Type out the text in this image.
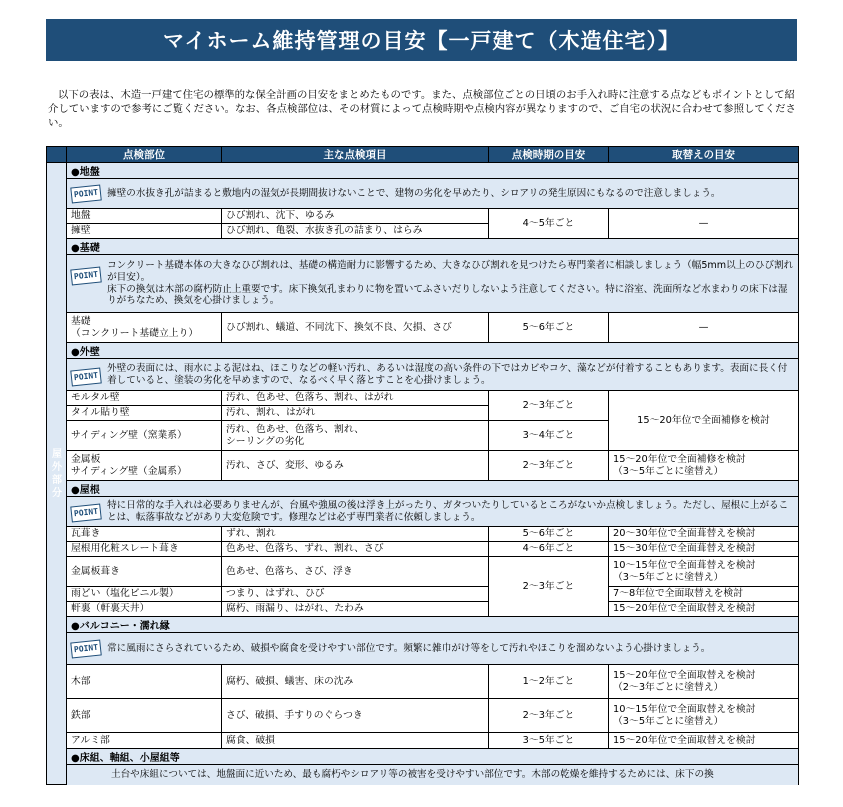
マイホーム維持管理の目安【一戸建て（木造住宅）】

以下の表は、木造一戸建て住宅の標準的な保全計画の目安をまとめたものです。また、点検部位ごとの日頃のお手入れ時に注意する点などもポイントとして紹介していますので参考にご覧ください。なお、各点検部位は、その材質によって点検時期や点検内容が異なりますので、ご自宅の状況に合わせて参照してください。

	点検部位	主な点検項目	点検時期の目安	取替えの目安

屋
外
部
分	●地盤			

	POINT 擁壁の水抜き孔が詰まると敷地内の湿気が長期間抜けないことで、建物の劣化を早めたり、シロアリの発生原因にもなるので注意しましょう。			

	地盤	ひび割れ、沈下、ゆるみ	4～5年ごと	—
	擁壁	ひび割れ、亀裂、水抜き孔の詰まり、はらみ		
	●基礎			

	POINT
コンクリート基礎本体の大きなひび割れは、基礎の構造耐力に影響するため、大きなひび割れを見つけたら専門業者に相談しましょう（幅5mm以上のひび割れが目安）。
床下の換気は木部の腐朽防止上重要です。床下換気孔まわりに物を置いてふさいだりしないよう注意してください。特に浴室、洗面所など水まわりの床下は湿りがちなため、換気を心掛けましょう。			

	基礎
（コンクリート基礎立上り）	ひび割れ、蟻道、不同沈下、換気不良、欠損、さび	5～6年ごと	—
	●外壁			

	POINT
外壁の表面には、雨水による泥はね、ほこりなどの軽い汚れ、あるいは湿度の高い条件の下ではカビやコケ、藻などが付着することもあります。表面に長く付着していると、塗装の劣化を早めますので、なるべく早く落とすことを心掛けましょう。			

	モルタル壁	汚れ、色あせ、色落ち、割れ、はがれ	2～3年ごと	15～20年位で全面補修を検討
	タイル貼り壁	汚れ、割れ、はがれ		
	サイディング壁（窯業系）	汚れ、色あせ、色落ち、割れ、
シーリングの劣化	3～4年ごと	
	金属板
サイディング壁（金属系）	汚れ、さび、変形、ゆるみ	2～3年ごと	15～20年位で全面補修を検討
（3～5年ごとに塗替え）
	●屋根			

	POINT
特に日常的な手入れは必要ありませんが、台風や強風の後は浮き上がったり、ガタついたりしているところがないか点検しましょう。ただし、屋根に上がることは、転落事故などがあり大変危険です。修理などは必ず専門業者に依頼しましょう。			

	瓦葺き	ずれ、割れ	5～6年ごと	20～30年位で全面葺替えを検討
	屋根用化粧スレート葺き	色あせ、色落ち、ずれ、割れ、さび	4～6年ごと	15～30年位で全面葺替えを検討
	金属板葺き	色あせ、色落ち、さび、浮き	2～3年ごと	10～15年位で全面葺替えを検討
（3～5年ごとに塗替え）
	雨どい（塩化ビニル製）	つまり、はずれ、ひび		7～8年位で全面取替えを検討
	軒裏（軒裏天井）	腐朽、雨漏り、はがれ、たわみ		15～20年位で全面取替えを検討
	●バルコニー・濡れ縁			

	POINT 常に風雨にさらされているため、破損や腐食を受けやすい部位です。頻繁に雑巾がけ等をして汚れやほこりを溜めないよう心掛けましょう。			

	木部	腐朽、破損、蟻害、床の沈み	1～2年ごと	15～20年位で全面取替えを検討
（2～3年ごとに塗替え）
	鉄部	さび、破損、手すりのぐらつき	2～3年ごと	10～15年位で全面取替えを検討
（3～5年ごとに塗替え）
	アルミ部	腐食、破損	3～5年ごと	15～20年位で全面取替えを検討
	●床組、軸組、小屋組等			
	土台や床組については、地盤面に近いため、最も腐朽やシロアリ等の被害を受けやすい部位です。木部の乾燥を維持するためには、床下の換			
